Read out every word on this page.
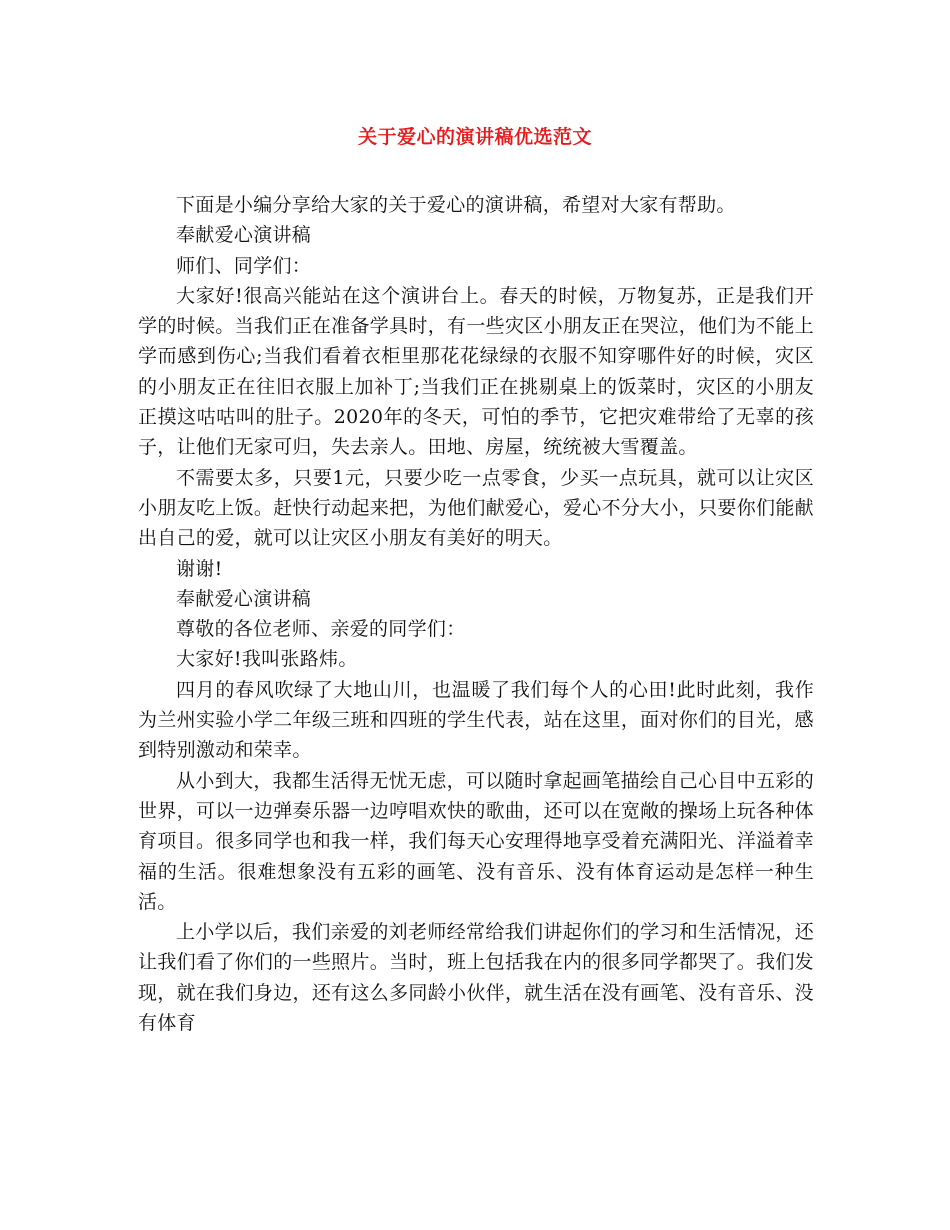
关于爱心的演讲稿优选范文

下面是小编分享给大家的关于爱心的演讲稿，希望对大家有帮助。

奉献爱心演讲稿

师们、同学们：

大家好!很高兴能站在这个演讲台上。春天的时候，万物复苏，正是我们开学的时候。当我们正在准备学具时，有一些灾区小朋友正在哭泣，他们为不能上学而感到伤心;当我们看着衣柜里那花花绿绿的衣服不知穿哪件好的时候，灾区的小朋友正在往旧衣服上加补丁;当我们正在挑剔桌上的饭菜时，灾区的小朋友正摸这咕咕叫的肚子。2020年的冬天，可怕的季节，它把灾难带给了无辜的孩子，让他们无家可归，失去亲人。田地、房屋，统统被大雪覆盖。

不需要太多，只要1元，只要少吃一点零食，少买一点玩具，就可以让灾区小朋友吃上饭。赶快行动起来把，为他们献爱心，爱心不分大小，只要你们能献出自己的爱，就可以让灾区小朋友有美好的明天。

谢谢!

奉献爱心演讲稿

尊敬的各位老师、亲爱的同学们：

大家好!我叫张路炜。

四月的春风吹绿了大地山川，也温暖了我们每个人的心田!此时此刻，我作为兰州实验小学二年级三班和四班的学生代表，站在这里，面对你们的目光，感到特别激动和荣幸。

从小到大，我都生活得无忧无虑，可以随时拿起画笔描绘自己心目中五彩的世界，可以一边弹奏乐器一边哼唱欢快的歌曲，还可以在宽敞的操场上玩各种体育项目。很多同学也和我一样，我们每天心安理得地享受着充满阳光、洋溢着幸福的生活。很难想象没有五彩的画笔、没有音乐、没有体育运动是怎样一种生活。

上小学以后，我们亲爱的刘老师经常给我们讲起你们的学习和生活情况，还让我们看了你们的一些照片。当时，班上包括我在内的很多同学都哭了。我们发现，就在我们身边，还有这么多同龄小伙伴，就生活在没有画笔、没有音乐、没有体育
